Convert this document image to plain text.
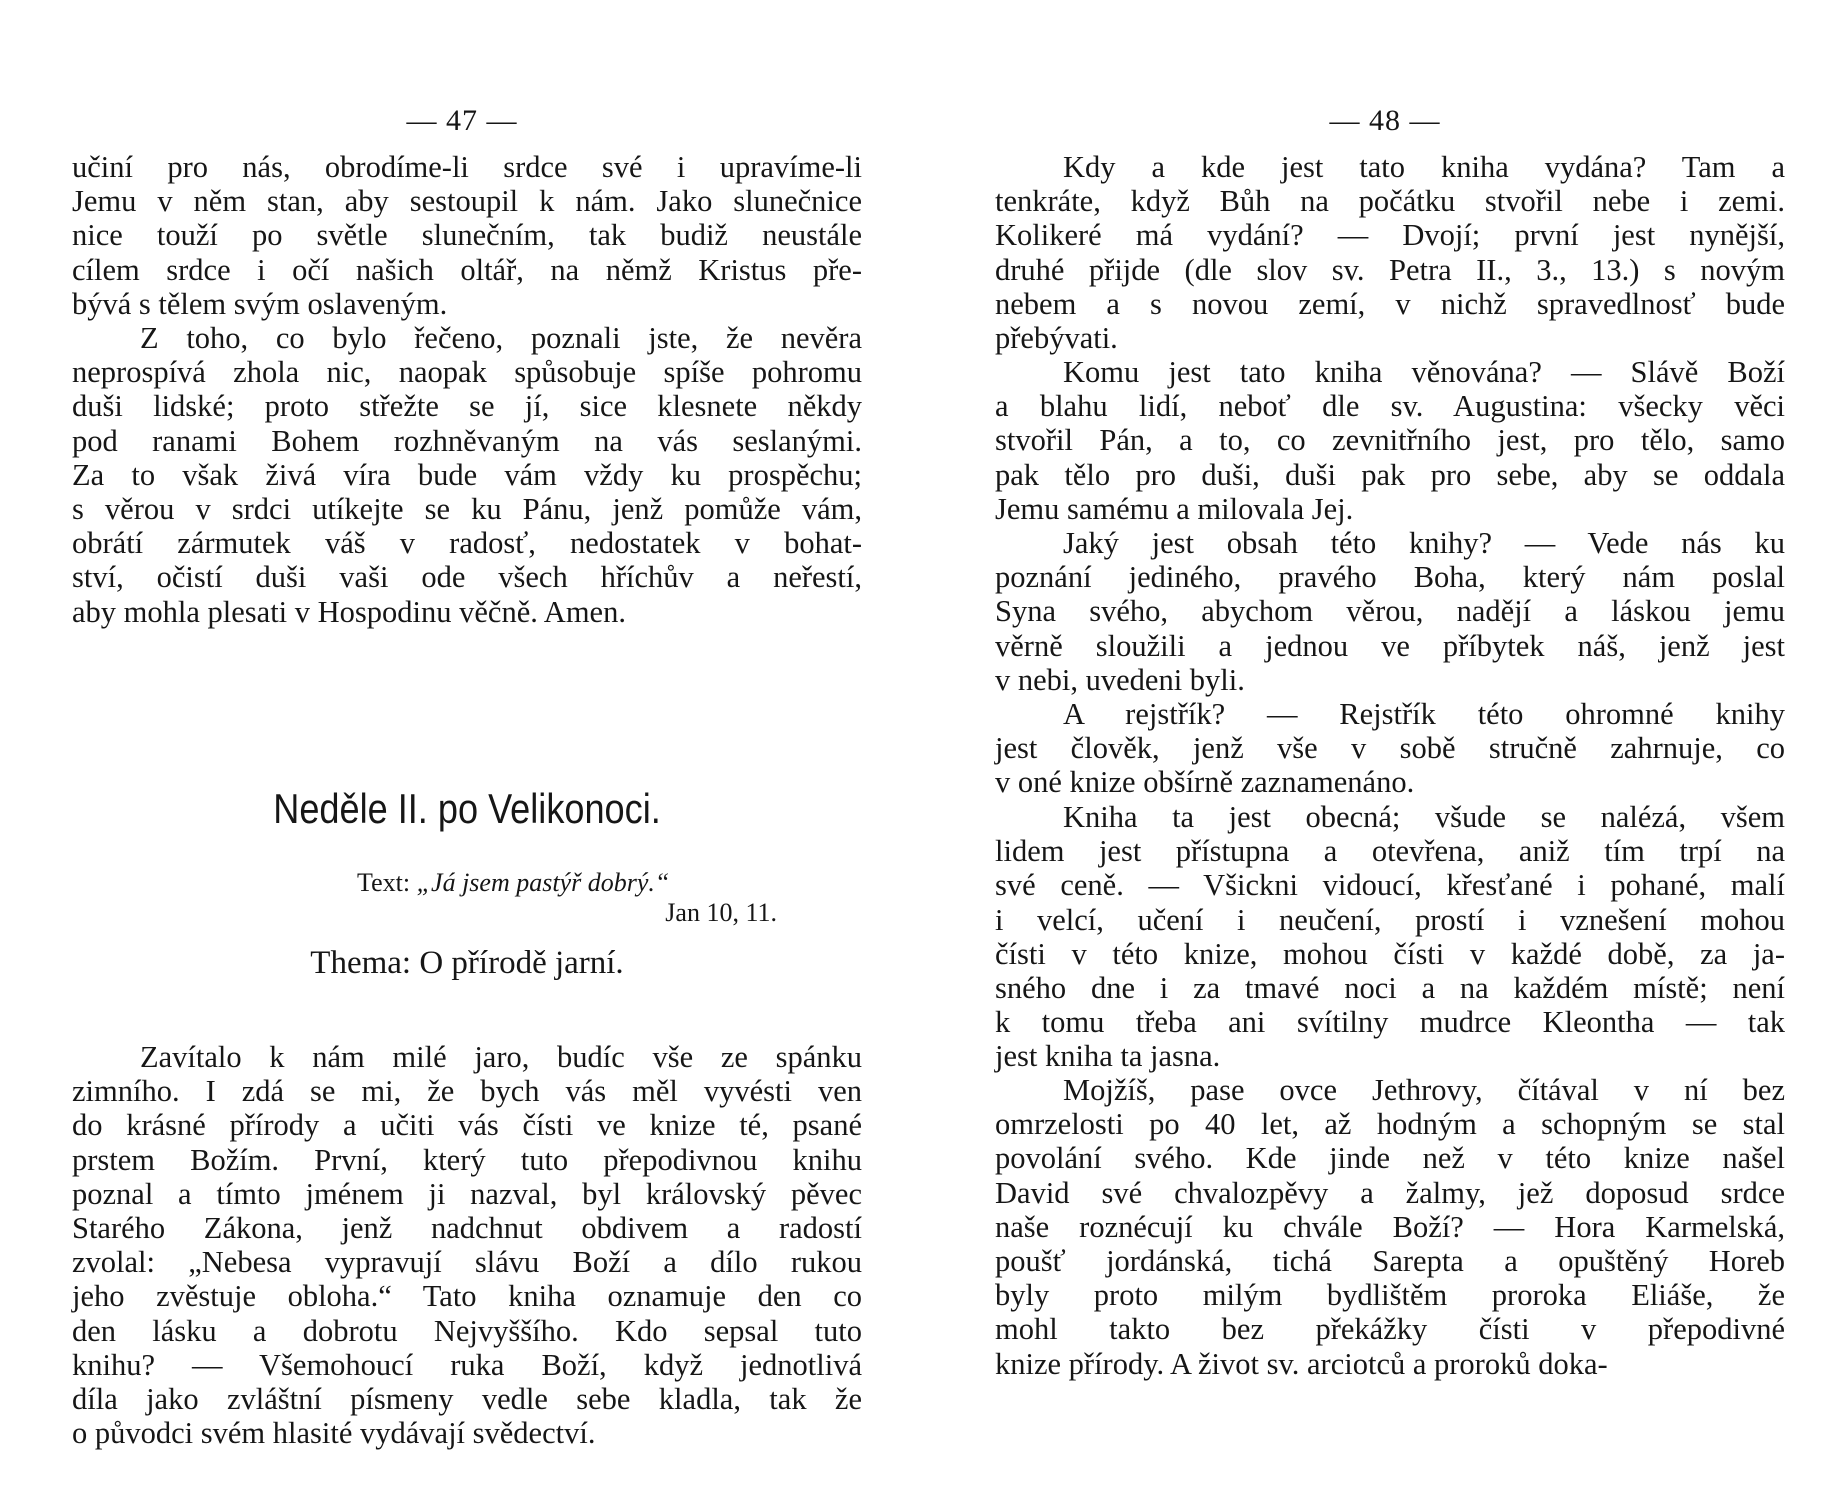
— 47 —
učiní pro nás, obrodíme-li srdce své i upravíme-li
Jemu v něm stan, aby sestoupil k nám. Jako slunečnice
nice touží po světle slunečním, tak budiž neustále
cílem srdce i očí našich oltář, na němž Kristus pře-
bývá s tělem svým oslaveným.
Z toho, co bylo řečeno, poznali jste, že nevěra
neprospívá zhola nic, naopak spůsobuje spíše pohromu
duši lidské; proto střežte se jí, sice klesnete někdy
pod ranami Bohem rozhněvaným na vás seslanými.
Za to však živá víra bude vám vždy ku prospěchu;
s věrou v srdci utíkejte se ku Pánu, jenž pomůže vám,
obrátí zármutek váš v radosť, nedostatek v bohat-
ství, očistí duši vaši ode všech hříchův a neřestí,
aby mohla plesati v Hospodinu věčně. Amen.
Neděle II. po Velikonoci.
Text: „Já jsem pastýř dobrý.“
Jan 10, 11.
Thema: O přírodě jarní.
Zavítalo k nám milé jaro, budíc vše ze spánku
zimního. I zdá se mi, že bych vás měl vyvésti ven
do krásné přírody a učiti vás čísti ve knize té, psané
prstem Božím. První, který tuto přepodivnou knihu
poznal a tímto jménem ji nazval, byl královský pěvec
Starého Zákona, jenž nadchnut obdivem a radostí
zvolal: „Nebesa vypravují slávu Boží a dílo rukou
jeho zvěstuje obloha.“ Tato kniha oznamuje den co
den lásku a dobrotu Nejvyššího. Kdo sepsal tuto
knihu? — Všemohoucí ruka Boží, když jednotlivá
díla jako zvláštní písmeny vedle sebe kladla, tak že
o původci svém hlasité vydávají svědectví.
— 48 —
Kdy a kde jest tato kniha vydána? Tam a
tenkráte, když Bůh na počátku stvořil nebe i zemi.
Kolikeré má vydání? — Dvojí; první jest nynější,
druhé přijde (dle slov sv. Petra II., 3., 13.) s novým
nebem a s novou zemí, v nichž spravedlnosť bude
přebývati.
Komu jest tato kniha věnována? — Slávě Boží
a blahu lidí, neboť dle sv. Augustina: všecky věci
stvořil Pán, a to, co zevnitřního jest, pro tělo, samo
pak tělo pro duši, duši pak pro sebe, aby se oddala
Jemu samému a milovala Jej.
Jaký jest obsah této knihy? — Vede nás ku
poznání jediného, pravého Boha, který nám poslal
Syna svého, abychom věrou, nadějí a láskou jemu
věrně sloužili a jednou ve příbytek náš, jenž jest
v nebi, uvedeni byli.
A rejstřík? — Rejstřík této ohromné knihy
jest člověk, jenž vše v sobě stručně zahrnuje, co
v oné knize obšírně zaznamenáno.
Kniha ta jest obecná; všude se nalézá, všem
lidem jest přístupna a otevřena, aniž tím trpí na
své ceně. — Všickni vidoucí, křesťané i pohané, malí
i velcí, učení i neučení, prostí i vznešení mohou
čísti v této knize, mohou čísti v každé době, za ja-
sného dne i za tmavé noci a na každém místě; není
k tomu třeba ani svítilny mudrce Kleontha — tak
jest kniha ta jasna.
Mojžíš, pase ovce Jethrovy, čítával v ní bez
omrzelosti po 40 let, až hodným a schopným se stal
povolání svého. Kde jinde než v této knize našel
David své chvalozpěvy a žalmy, jež doposud srdce
naše roznécují ku chvále Boží? — Hora Karmelská,
poušť jordánská, tichá Sarepta a opuštěný Horeb
byly proto milým bydlištěm proroka Eliáše, že
mohl takto bez překážky čísti v přepodivné
knize přírody. A život sv. arciotců a proroků doka-
